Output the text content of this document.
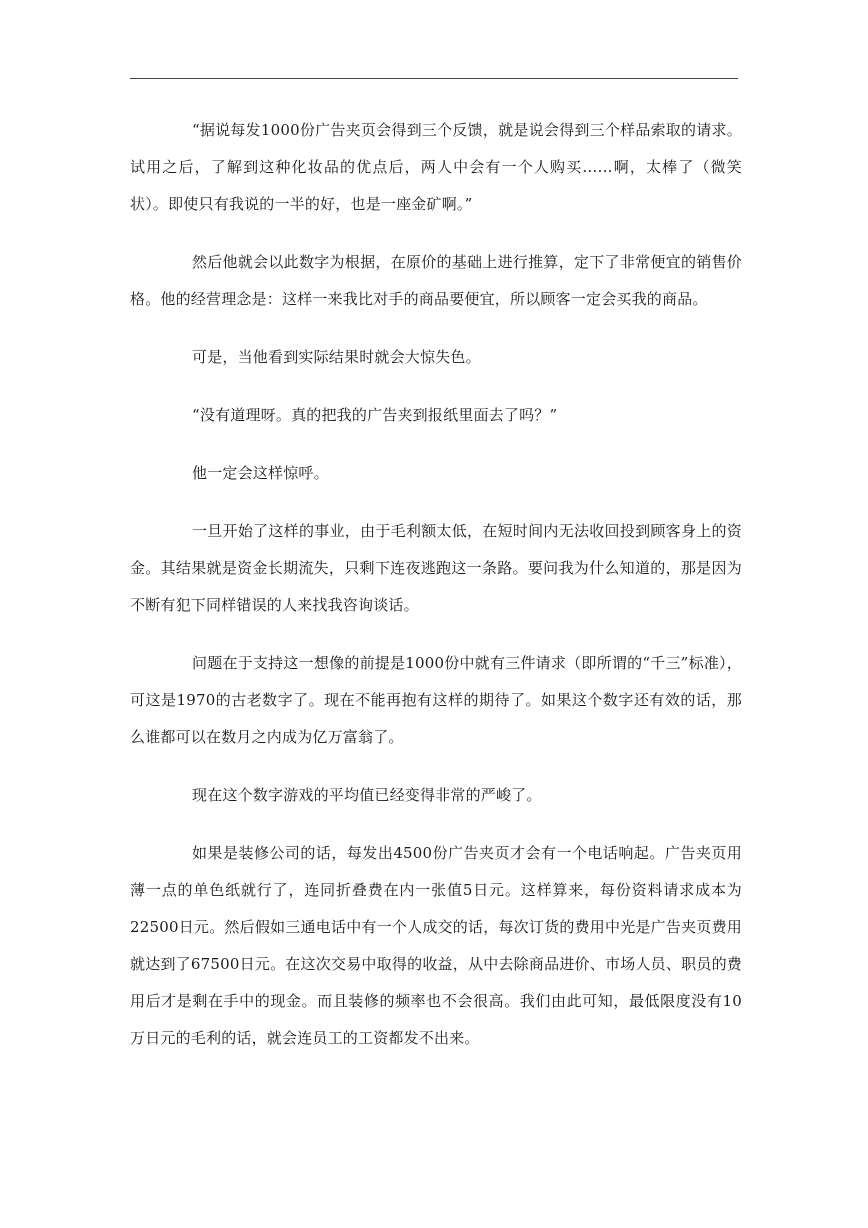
“据说每发1000份广告夹页会得到三个反馈，就是说会得到三个样品索取的请求。试用之后，了解到这种化妆品的优点后，两人中会有一个人购买……啊，太棒了（微笑状）。即使只有我说的一半的好，也是一座金矿啊。”

然后他就会以此数字为根据，在原价的基础上进行推算，定下了非常便宜的销售价格。他的经营理念是：这样一来我比对手的商品要便宜，所以顾客一定会买我的商品。

可是，当他看到实际结果时就会大惊失色。

“没有道理呀。真的把我的广告夹到报纸里面去了吗？”

他一定会这样惊呼。

一旦开始了这样的事业，由于毛利额太低，在短时间内无法收回投到顾客身上的资金。其结果就是资金长期流失，只剩下连夜逃跑这一条路。要问我为什么知道的，那是因为不断有犯下同样错误的人来找我咨询谈话。

问题在于支持这一想像的前提是1000份中就有三件请求（即所谓的“千三”标准），可这是1970的古老数字了。现在不能再抱有这样的期待了。如果这个数字还有效的话，那么谁都可以在数月之内成为亿万富翁了。

现在这个数字游戏的平均值已经变得非常的严峻了。

如果是装修公司的话，每发出4500份广告夹页才会有一个电话响起。广告夹页用薄一点的单色纸就行了，连同折叠费在内一张值5日元。这样算来，每份资料请求成本为22500日元。然后假如三通电话中有一个人成交的话，每次订货的费用中光是广告夹页费用就达到了67500日元。在这次交易中取得的收益，从中去除商品进价、市场人员、职员的费用后才是剩在手中的现金。而且装修的频率也不会很高。我们由此可知，最低限度没有10万日元的毛利的话，就会连员工的工资都发不出来。
